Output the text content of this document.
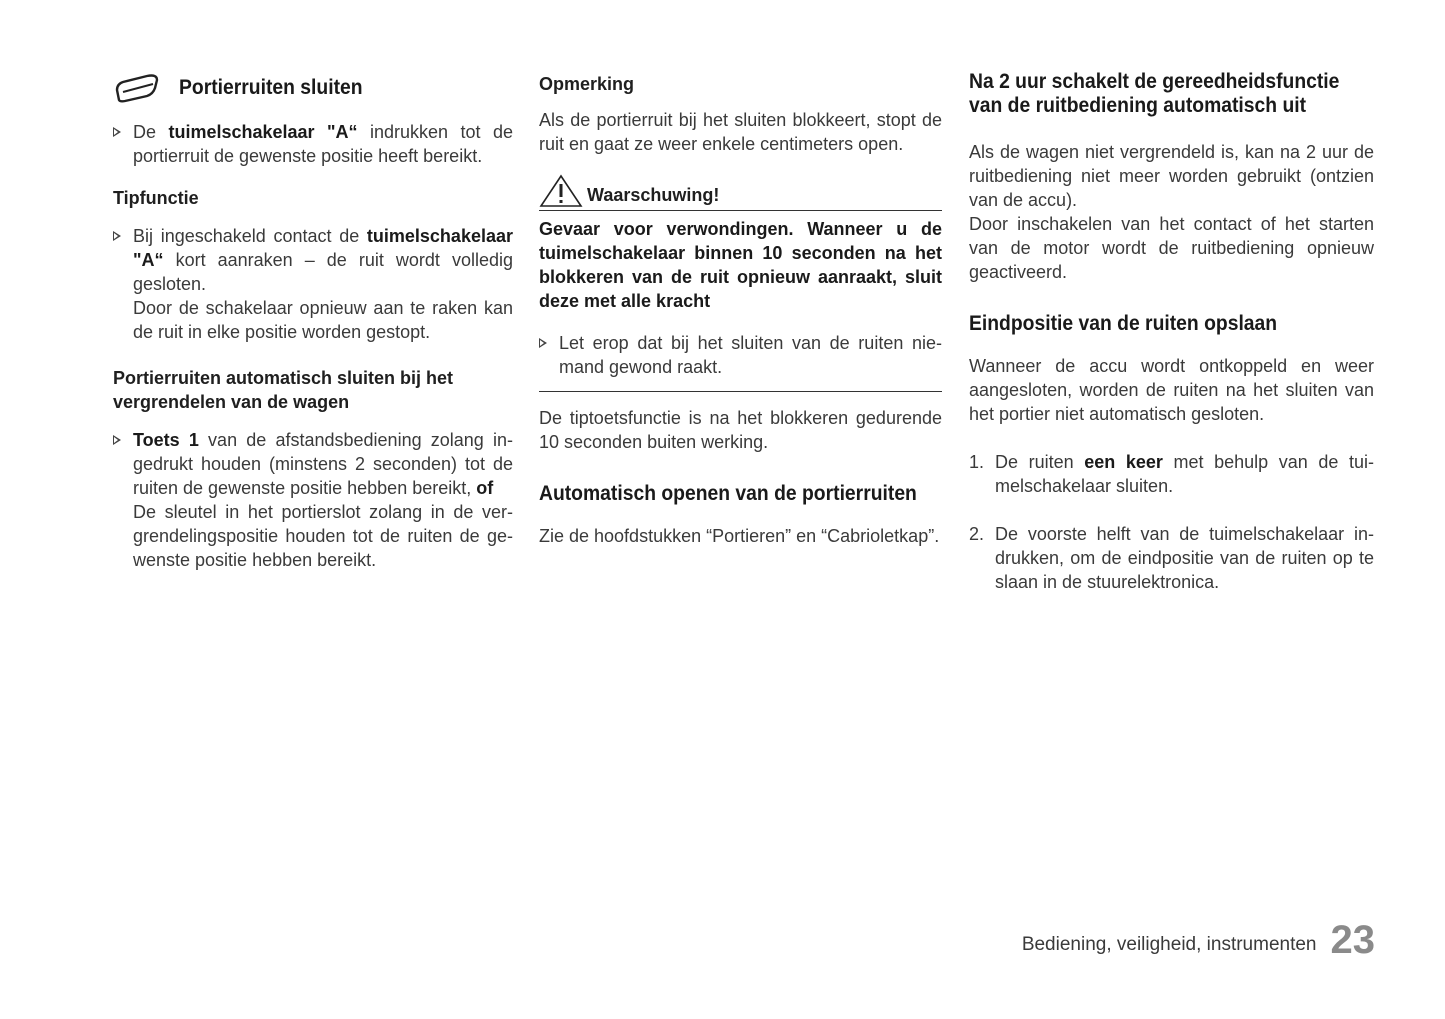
Portierruiten sluiten

De tuimelschakelaar "A“ indrukken tot de portierruit de gewenste positie heeft bereikt.

Tipfunctie
Bij ingeschakeld contact de tuimelschakelaar "A“ kort aanraken – de ruit wordt volledig gesloten.
Door de schakelaar opnieuw aan te raken kan de ruit in elke positie worden gestopt.
Portierruiten automatisch sluiten bij het vergrendelen van de wagen
Toets 1 van de afstandsbediening zolang ingedrukt houden (minstens 2 seconden) tot de ruiten de gewenste positie hebben bereikt, of
De sleutel in het portierslot zolang in de vergrendelingspositie houden tot de ruiten de gewenste positie hebben bereikt.
Opmerking

Als de portierruit bij het sluiten blokkeert, stopt de ruit en gaat ze weer enkele centimeters open.

Waarschuwing!

Gevaar voor verwondingen. Wanneer u de tuimelschakelaar binnen 10 seconden na het blokkeren van de ruit opnieuw aanraakt, sluit deze met alle kracht

Let erop dat bij het sluiten van de ruiten niemand gewond raakt.

De tiptoetsfunctie is na het blokkeren gedurende 10 seconden buiten werking.

Automatisch openen van de portierruiten

Zie de hoofdstukken “Portieren” en “Cabrioletkap”.

Na 2 uur schakelt de gereedheidsfunctie van de ruitbediening automatisch uit

Als de wagen niet vergrendeld is, kan na 2 uur de ruitbediening niet meer worden gebruikt (ontzien van de accu).

Door inschakelen van het contact of het starten van de motor wordt de ruitbediening opnieuw geactiveerd.

Eindpositie van de ruiten opslaan

Wanneer de accu wordt ontkoppeld en weer aangesloten, worden de ruiten na het sluiten van het portier niet automatisch gesloten.

1. De ruiten een keer met behulp van de tuimelschakelaar sluiten.
2. De voorste helft van de tuimelschakelaar indrukken, om de eindpositie van de ruiten op te slaan in de stuurelektronica.
Bediening, veiligheid, instrumenten 23
